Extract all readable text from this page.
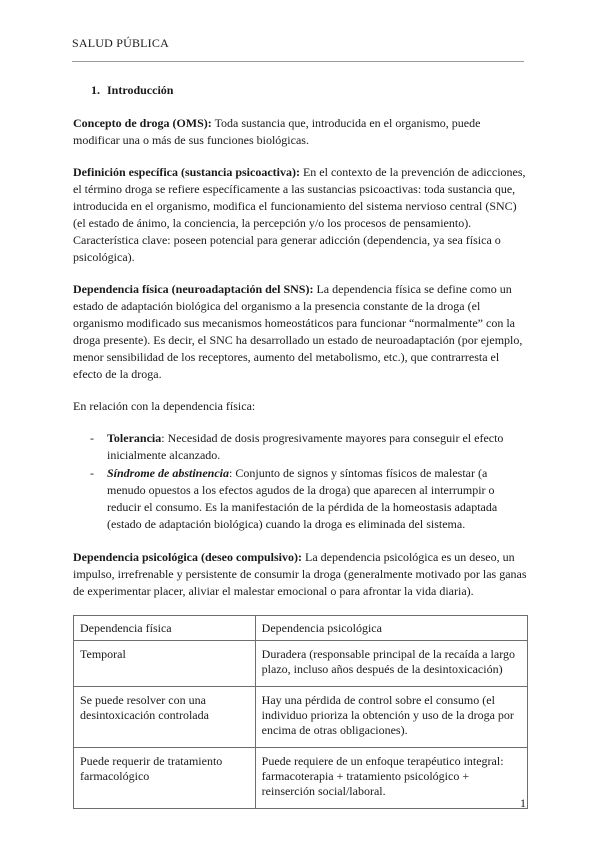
SALUD PÚBLICA
1. Introducción

Concepto de droga (OMS): Toda sustancia que, introducida en el organismo, puede modificar una o más de sus funciones biológicas.

Definición específica (sustancia psicoactiva): En el contexto de la prevención de adicciones, el término droga se refiere específicamente a las sustancias psicoactivas: toda sustancia que, introducida en el organismo, modifica el funcionamiento del sistema nervioso central (SNC) (el estado de ánimo, la conciencia, la percepción y/o los procesos de pensamiento). Característica clave: poseen potencial para generar adicción (dependencia, ya sea física o psicológica).

Dependencia física (neuroadaptación del SNS): La dependencia física se define como un estado de adaptación biológica del organismo a la presencia constante de la droga (el organismo modificado sus mecanismos homeostáticos para funcionar “normalmente” con la droga presente). Es decir, el SNC ha desarrollado un estado de neuroadaptación (por ejemplo, menor sensibilidad de los receptores, aumento del metabolismo, etc.), que contrarresta el efecto de la droga.

En relación con la dependencia física:

- Tolerancia: Necesidad de dosis progresivamente mayores para conseguir el efecto inicialmente alcanzado.
- Síndrome de abstinencia: Conjunto de signos y síntomas físicos de malestar (a menudo opuestos a los efectos agudos de la droga) que aparecen al interrumpir o reducir el consumo. Es la manifestación de la pérdida de la homeostasis adaptada (estado de adaptación biológica) cuando la droga es eliminada del sistema.

Dependencia psicológica (deseo compulsivo): La dependencia psicológica es un deseo, un impulso, irrefrenable y persistente de consumir la droga (generalmente motivado por las ganas de experimentar placer, aliviar el malestar emocional o para afrontar la vida diaria).

Dependencia física	Dependencia psicológica
Temporal	Duradera (responsable principal de la recaída a largo plazo, incluso años después de la desintoxicación)
Se puede resolver con una desintoxicación controlada	Hay una pérdida de control sobre el consumo (el individuo prioriza la obtención y uso de la droga por encima de otras obligaciones).
Puede requerir de tratamiento farmacológico	Puede requiere de un enfoque terapéutico integral: farmacoterapia + tratamiento psicológico + reinserción social/laboral.
1
